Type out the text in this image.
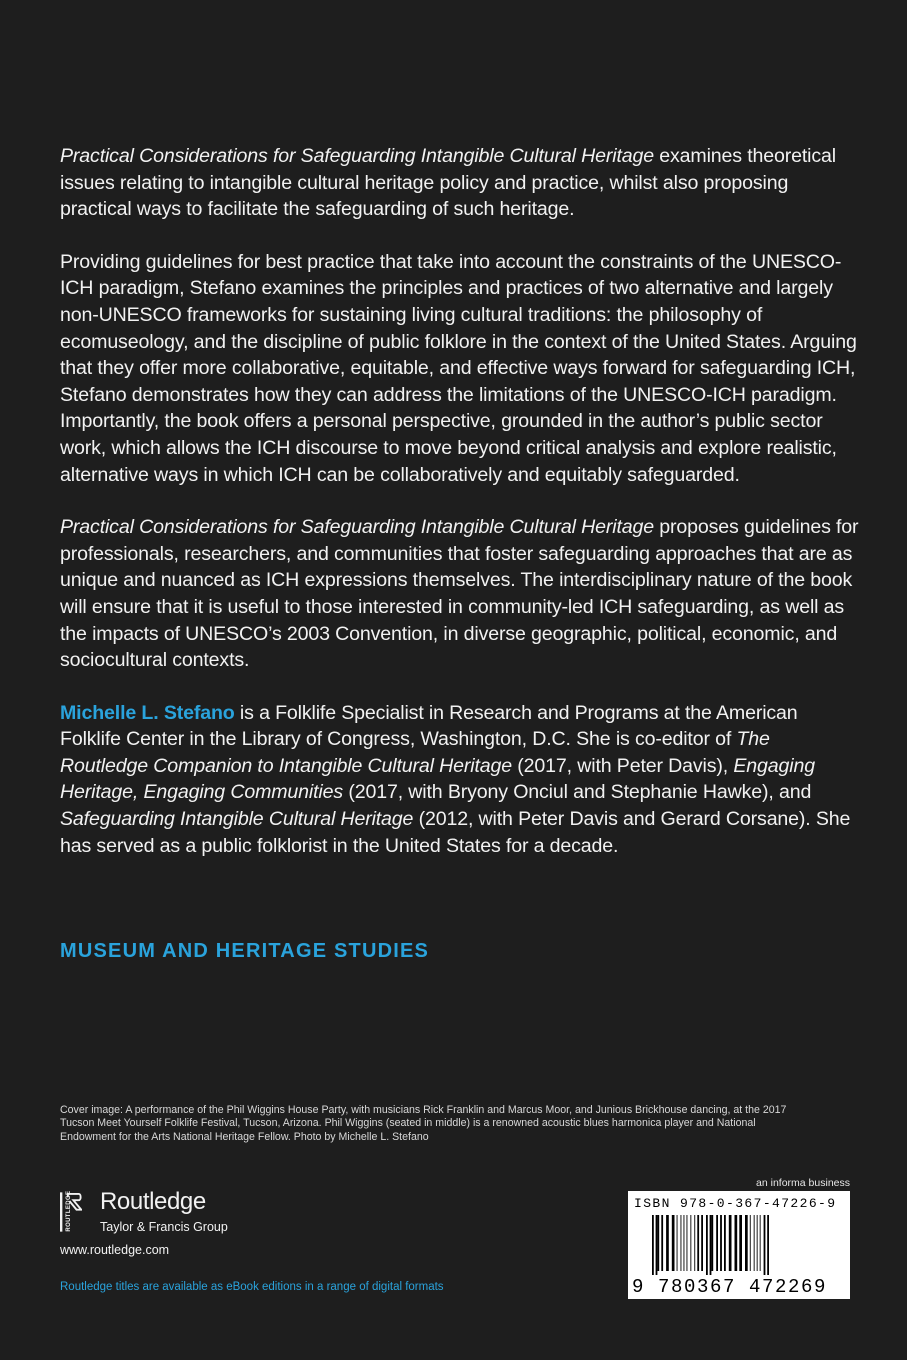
Practical Considerations for Safeguarding Intangible Cultural Heritage examines theoretical issues relating to intangible cultural heritage policy and practice, whilst also proposing practical ways to facilitate the safeguarding of such heritage.

Providing guidelines for best practice that take into account the constraints of the UNESCO-ICH paradigm, Stefano examines the principles and practices of two alternative and largely non-UNESCO frameworks for sustaining living cultural traditions: the philosophy of ecomuseology, and the discipline of public folklore in the context of the United States. Arguing that they offer more collaborative, equitable, and effective ways forward for safeguarding ICH, Stefano demonstrates how they can address the limitations of the UNESCO-ICH paradigm. Importantly, the book offers a personal perspective, grounded in the author’s public sector work, which allows the ICH discourse to move beyond critical analysis and explore realistic, alternative ways in which ICH can be collaboratively and equitably safeguarded.

Practical Considerations for Safeguarding Intangible Cultural Heritage proposes guidelines for professionals, researchers, and communities that foster safeguarding approaches that are as unique and nuanced as ICH expressions themselves. The interdisciplinary nature of the book will ensure that it is useful to those interested in community-led ICH safeguarding, as well as the impacts of UNESCO’s 2003 Convention, in diverse geographic, political, economic, and sociocultural contexts.

Michelle L. Stefano is a Folklife Specialist in Research and Programs at the American Folklife Center in the Library of Congress, Washington, D.C. She is co-editor of The Routledge Companion to Intangible Cultural Heritage (2017, with Peter Davis), Engaging Heritage, Engaging Communities (2017, with Bryony Onciul and Stephanie Hawke), and Safeguarding Intangible Cultural Heritage (2012, with Peter Davis and Gerard Corsane). She has served as a public folklorist in the United States for a decade.

MUSEUM AND HERITAGE STUDIES
Cover image: A performance of the Phil Wiggins House Party, with musicians Rick Franklin and Marcus Moor, and Junious Brickhouse dancing, at the 2017 Tucson Meet Yourself Folklife Festival, Tucson, Arizona. Phil Wiggins (seated in middle) is a renowned acoustic blues harmonica player and National Endowment for the Arts National Heritage Fellow. Photo by Michelle L. Stefano
ROUTLEDGE Routledge
Taylor & Francis Group
www.routledge.com
Routledge titles are available as eBook editions in a range of digital formats
an informa business
ISBN 978-0-367-47226-9
9 780367 472269
